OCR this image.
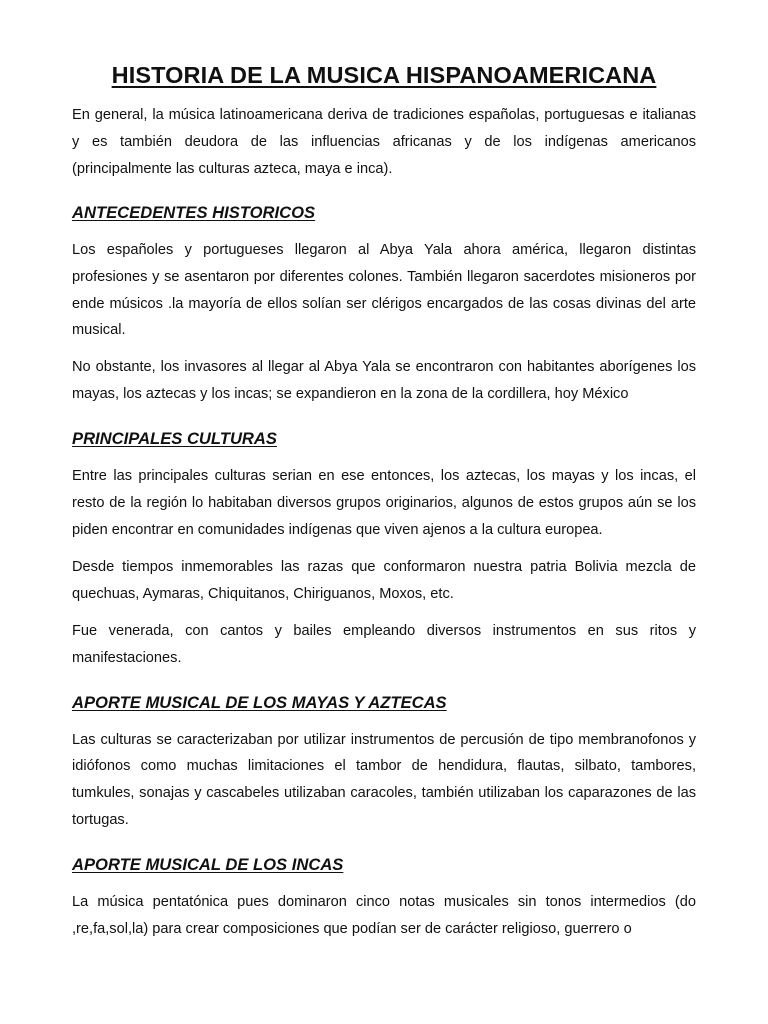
HISTORIA DE LA MUSICA HISPANOAMERICANA

En general, la música latinoamericana deriva de tradiciones españolas, portuguesas e italianas y es también deudora de las influencias africanas y de los indígenas americanos (principalmente las culturas azteca, maya e inca).

ANTECEDENTES HISTORICOS

Los españoles y portugueses llegaron al Abya Yala ahora américa, llegaron distintas profesiones y se asentaron por diferentes colones. También llegaron sacerdotes misioneros por ende músicos .la mayoría de ellos solían ser clérigos encargados de las cosas divinas del arte musical.

No obstante, los invasores al llegar al Abya Yala se encontraron con habitantes aborígenes los mayas, los aztecas y los incas; se expandieron en la zona de la cordillera, hoy México

PRINCIPALES CULTURAS

Entre las principales culturas serian en ese entonces, los aztecas, los mayas y los incas, el resto de la región lo habitaban diversos grupos originarios, algunos de estos grupos aún se los piden encontrar en comunidades indígenas que viven ajenos a la cultura europea.

Desde tiempos inmemorables las razas que conformaron nuestra patria Bolivia mezcla de quechuas, Aymaras, Chiquitanos, Chiriguanos, Moxos, etc.

Fue venerada, con cantos y bailes empleando diversos instrumentos en sus ritos y manifestaciones.

APORTE MUSICAL DE LOS MAYAS Y AZTECAS

Las culturas se caracterizaban por utilizar instrumentos de percusión de tipo membranofonos y idiófonos como muchas limitaciones el tambor de hendidura, flautas, silbato, tambores, tumkules, sonajas y cascabeles utilizaban caracoles, también utilizaban los caparazones de las tortugas.

APORTE MUSICAL DE LOS INCAS

La música pentatónica pues dominaron cinco notas musicales sin tonos intermedios (do ,re,fa,sol,la) para crear composiciones que podían ser de carácter religioso, guerrero o
